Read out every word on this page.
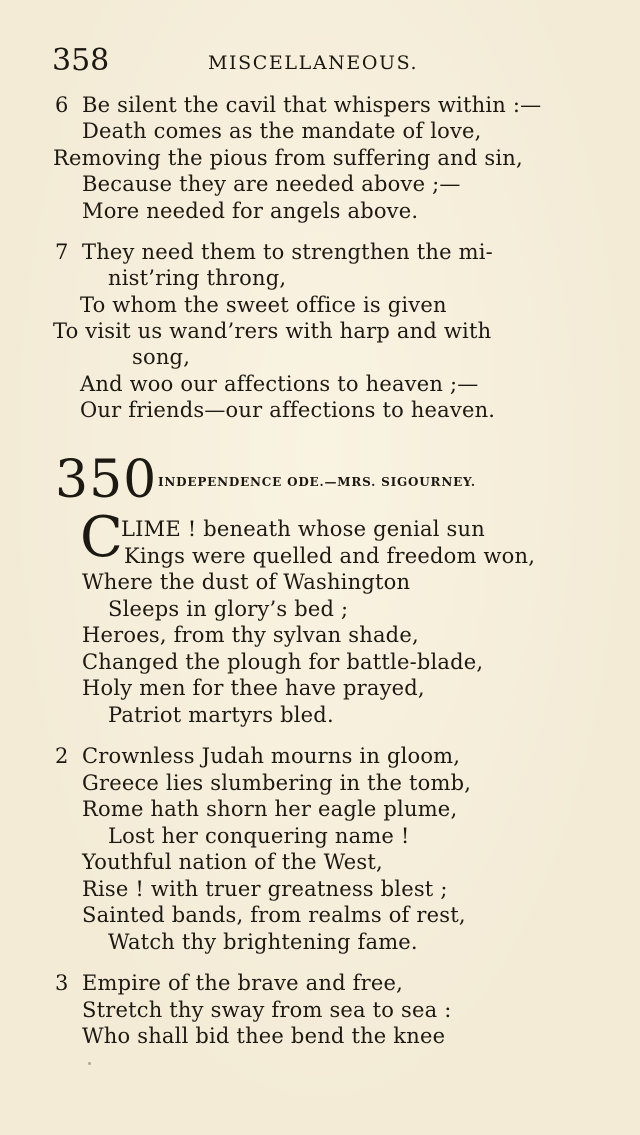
358	MISCELLANEOUS.
6 Be silent the cavil that whispers within :—
Death comes as the mandate of love,
Removing the pious from suffering and sin,
Because they are needed above ;—
More needed for angels above.
7 They need them to strengthen the mi-
nist’ring throng,
To whom the sweet office is given
To visit us wand’rers with harp and with
song,
And woo our affections to heaven ;—
Our friends—our affections to heaven.
350 INDEPENDENCE ODE.—MRS. SIGOURNEY.
C
LIME ! beneath whose genial sun
Kings were quelled and freedom won,
Where the dust of Washington
Sleeps in glory’s bed ;
Heroes, from thy sylvan shade,
Changed the plough for battle-blade,
Holy men for thee have prayed,
Patriot martyrs bled.
2 Crownless Judah mourns in gloom,
Greece lies slumbering in the tomb,
Rome hath shorn her eagle plume,
Lost her conquering name !
Youthful nation of the West,
Rise ! with truer greatness blest ;
Sainted bands, from realms of rest,
Watch thy brightening fame.
3 Empire of the brave and free,
Stretch thy sway from sea to sea :
Who shall bid thee bend the knee
